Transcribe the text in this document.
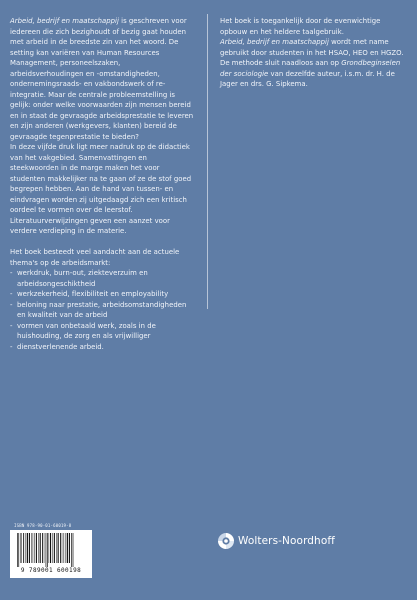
Arbeid, bedrijf en maatschappij is geschreven voor iedereen die zich bezighoudt of bezig gaat houden met arbeid in de breedste zin van het woord. De setting kan variëren van Human Resources Management, personeelszaken, arbeidsverhoudingen en -omstandigheden, ondernemingsraads- en vakbondswerk of re-integratie. Maar de centrale probleemstelling is gelijk: onder welke voorwaarden zijn mensen bereid en in staat de gevraagde arbeidsprestatie te leveren en zijn anderen (werkgevers, klanten) bereid de gevraagde tegenprestatie te bieden?

In deze vijfde druk ligt meer nadruk op de didactiek van het vakgebied. Samenvattingen en steekwoorden in de marge maken het voor studenten makkelijker na te gaan of ze de stof goed begrepen hebben. Aan de hand van tussen- en eindvragen worden zij uitgedaagd zich een kritisch oordeel te vormen over de leerstof. Literatuurverwijzingen geven een aanzet voor verdere verdieping in de materie.

Het boek besteedt veel aandacht aan de actuele thema's op de arbeidsmarkt:

- werkdruk, burn-out, ziekteverzuim en arbeidsongeschiktheid
- werkzekerheid, flexibiliteit en employability
- beloning naar prestatie, arbeidsomstandigheden en kwaliteit van de arbeid
- vormen van onbetaald werk, zoals in de huishouding, de zorg en als vrijwilliger
- dienstverlenende arbeid.

Het boek is toegankelijk door de evenwichtige opbouw en het heldere taalgebruik.

Arbeid, bedrijf en maatschappij wordt met name gebruikt door studenten in het HSAO, HEO en HGZO. De methode sluit naadloos aan op Grondbeginselen der sociologie van dezelfde auteur, i.s.m. dr. H. de Jager en drs. G. Sipkema.

ISBN 978-90-01-60019-8
9 789001 600198
Wolters-Noordhoff
